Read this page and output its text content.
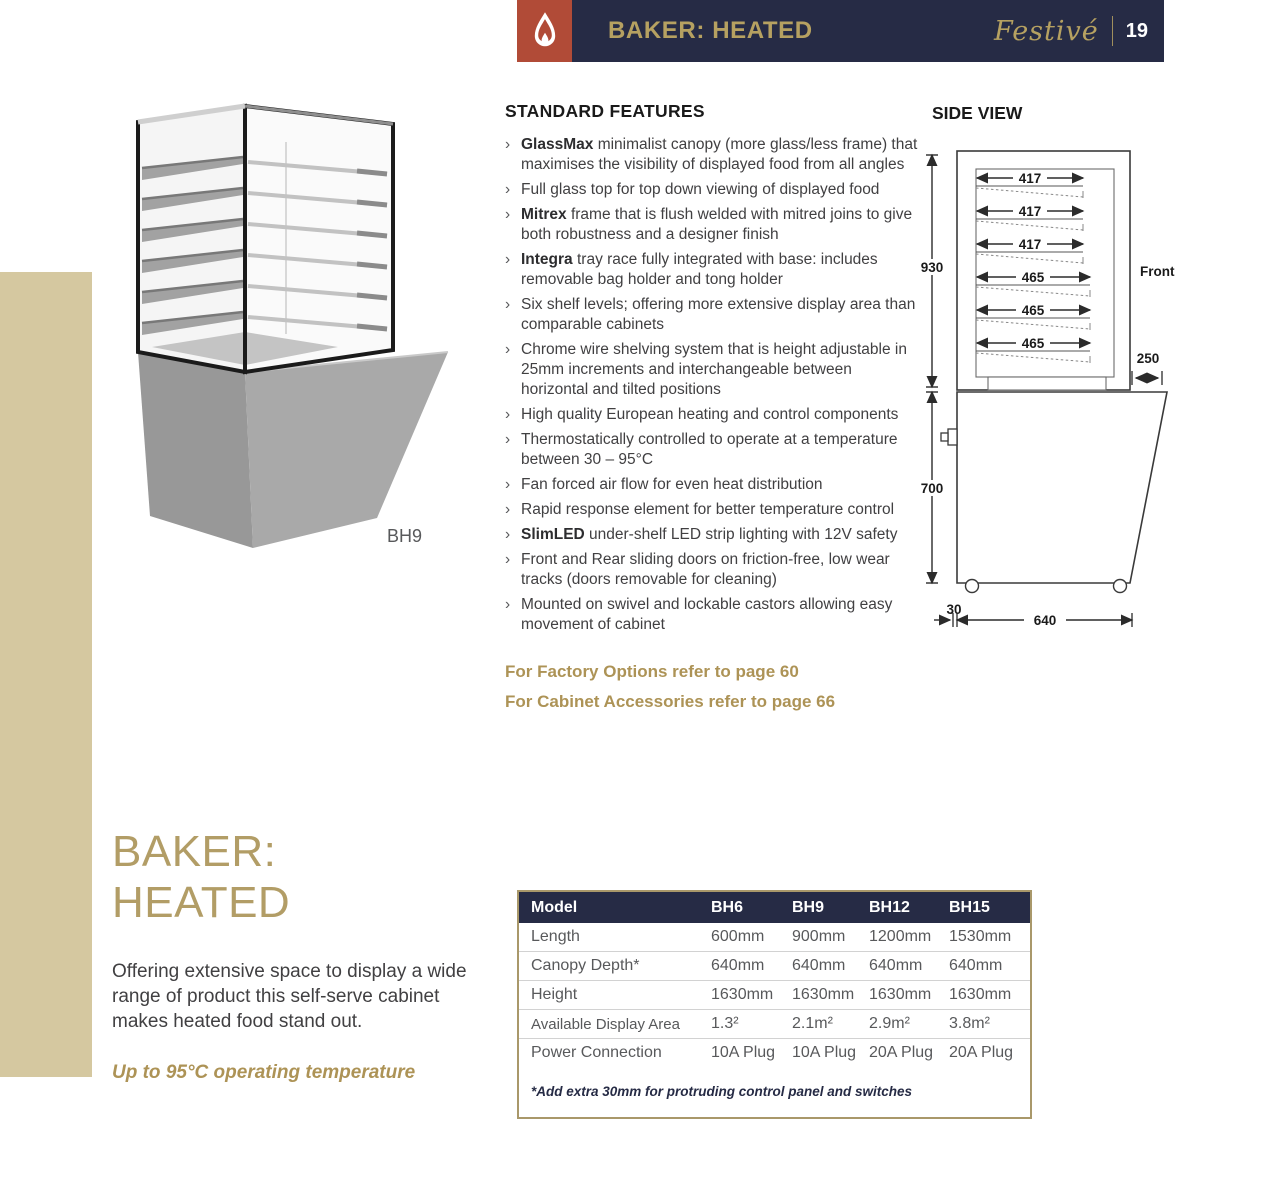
BAKER: HEATED	Festivé 19
BH9
STANDARD FEATURES
› GlassMax minimalist canopy (more glass/less frame) that maximises the visibility of displayed food from all angles
› Full glass top for top down viewing of displayed food
› Mitrex frame that is flush welded with mitred joins to give both robustness and a designer finish
› Integra tray race fully integrated with base: includes removable bag holder and tong holder
› Six shelf levels; offering more extensive display area than comparable cabinets
› Chrome wire shelving system that is height adjustable in 25mm increments and interchangeable between horizontal and tilted positions
› High quality European heating and control components
› Thermostatically controlled to operate at a temperature between 30 – 95°C
› Fan forced air flow for even heat distribution
› Rapid response element for better temperature control
› SlimLED under-shelf LED strip lighting with 12V safety
› Front and Rear sliding doors on friction-free, low wear tracks (doors removable for cleaning)
› Mounted on swivel and lockable castors allowing easy movement of cabinet

For Factory Options refer to page 60

For Cabinet Accessories refer to page 66

SIDE VIEW
417
417
417
465
465
465
930	Front
250
700
30
640
BAKER:
HEATED

Offering extensive space to display a wide range of product this self-serve cabinet makes heated food stand out.

Up to 95°C operating temperature

Model	BH6	BH9	BH12	BH15
Length	600mm	900mm	1200mm	1530mm
Canopy Depth*	640mm	640mm	640mm	640mm
Height	1630mm	1630mm	1630mm	1630mm
Available Display Area	1.3²	2.1m²	2.9m²	3.8m²
Power Connection	10A Plug	10A Plug	20A Plug	20A Plug
*Add extra 30mm for protruding control panel and switches				
